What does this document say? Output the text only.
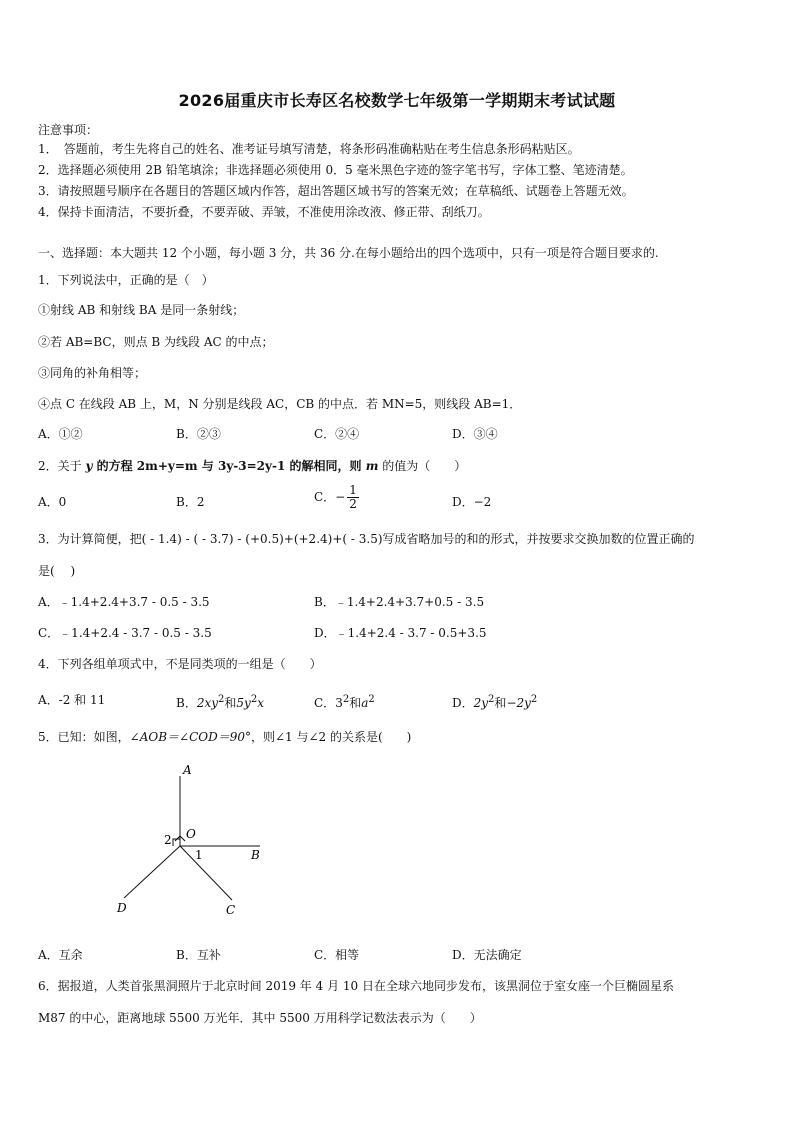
2026届重庆市长寿区名校数学七年级第一学期期末考试试题
注意事项：
1．　答题前，考生先将自己的姓名、准考证号填写清楚，将条形码准确粘贴在考生信息条形码粘贴区。
2．选择题必须使用 2B 铅笔填涂；非选择题必须使用 0．5 毫米黑色字迹的签字笔书写，字体工整、笔迹清楚。
3．请按照题号顺序在各题目的答题区域内作答，超出答题区域书写的答案无效；在草稿纸、试题卷上答题无效。
4．保持卡面清洁，不要折叠，不要弄破、弄皱，不准使用涂改液、修正带、刮纸刀。
一、选择题：本大题共 12 个小题，每小题 3 分，共 36 分.在每小题给出的四个选项中，只有一项是符合题目要求的.
1．下列说法中，正确的是（　）
①射线 AB 和射线 BA 是同一条射线；
②若 AB=BC，则点 B 为线段 AC 的中点；
③同角的补角相等；
④点 C 在线段 AB 上，M，N 分别是线段 AC，CB 的中点．若 MN=5，则线段 AB=1．
A．①②	B．②③	C．②④	D．③④
2．关于 y 的方程 2m+y=m 与 3y-3=2y-1 的解相同，则 m 的值为（　　）
A．0	B．2	C．− $\frac{1}{2}$	D．−2
3．为计算简便，把( - 1.4) - ( - 3.7) - (+0.5)+(+2.4)+( - 3.5)写成省略加号的和的形式，并按要求交换加数的位置正确的
是(　 )
A．﹣1.4+2.4+3.7 - 0.5 - 3.5	B．﹣1.4+2.4+3.7+0.5 - 3.5
C．﹣1.4+2.4 - 3.7 - 0.5 - 3.5	D．﹣1.4+2.4 - 3.7 - 0.5+3.5
4．下列各组单项式中，不是同类项的一组是（　　）
A．-2 和 11	B．$2xy^2$和$5y^2x$	C．$3^2$和$a^2$	D．$2y^2$和$-2y^2$
5．已知：如图，∠AOB＝∠COD＝90°，则∠1 与∠2 的关系是(　　)
A
O
B
D	C
1
2
A．互余	B．互补	C．相等	D．无法确定
6．据报道，人类首张黑洞照片于北京时间 2019 年 4 月 10 日在全球六地同步发布，该黑洞位于室女座一个巨椭圆星系
M87 的中心，距离地球 5500 万光年．其中 5500 万用科学记数法表示为（　　）
